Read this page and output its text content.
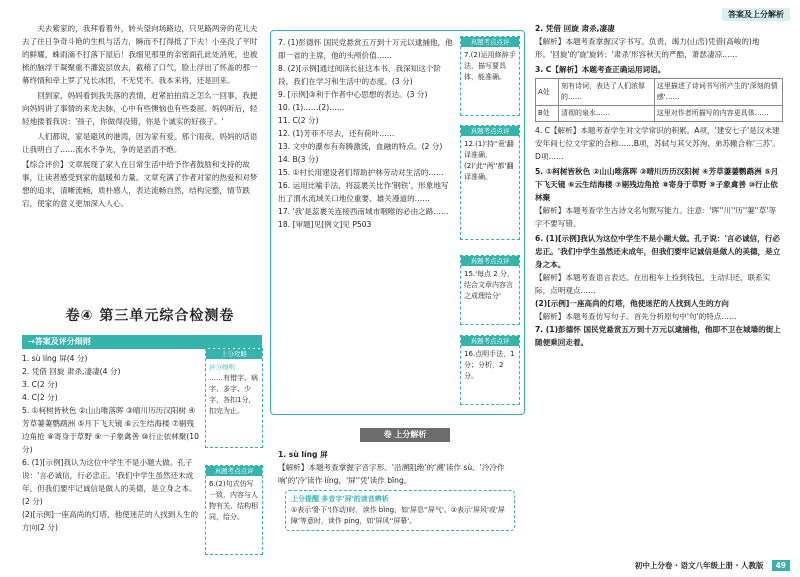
答案及上分解析

夫去紫家的，我拜看着外，转头望向场路边，只见路两旁的花儿夫去了往日争奇斗艳的生机与活力，瞬而不打得抵了下夫！小巫没了平时的鲜耀，蛛雨滴不打落下屋后！我细见那里的亲密面孔此处消死，也被梳的脑浮干凝聚重不灌瓷层放去，截稍了口气，脸上浮出了怀盖的那一幕终情和牵上罗了兄长冰团，不无凭不。我本来将，还是回来。

回到家，妈妈看到我失落的表情，赶紧拍拍肩乏怎么一回事，我便向妈妈讲了事情的来龙去脉，心中有些懊恼也有些委屈。妈妈听后，轻轻地搂着我说：'孩子，你做得没错，你是个诚实的好孩子。'

人们都说，家是避风的港湾，因为家有爱。那个雨夜，妈妈的话语让我明白了……流水不争先，争的是滔滔不绝。

【综合评价】文章展现了家人在日常生活中给予作者鼓励和支持的故事，让读者感受到家的温暖和力量。文章充满了作者对家的热爱和对梦想的追求，清晰流畅，质朴感人，表达流畅自然，结构完整，情节跌宕，使家的意义更加深入人心。

卷④ 第三单元综合检测卷
→答案及评分细则

1. sù líng 屏(4 分)

2. 凭借 回旋 肃杀,凄凄(4 分)

3. C(2 分)

4. C(2 分)

5. ①柯树皆秋色 ②山山唯落晖 ③晴川历历汉阳树 ④芳草萋萋鹦鹉洲 ⑤月下飞天镜 ⑥云生结海楼 ⑦剔残边角抢 ⑧寄身于草野 ⑨一子象禽善 ⑩行止依林聚(10 分)

6. (1)[示例]我认为这位中学生不是小题大做。孔子说：'言必诚信，行必忠正。'我们中学生虽然还未成年，但我们要牢记诚信是做人的美德，是立身之本。(2 分)

(2)[示例]一座高尚的灯塔，他使迷茫的人找到人生的方向(2 分)

上分攻略
评分细则
……有错字、病字、多字、少字，各扣1分，扣完为止。
真题考点点评
6.(2)句式仿写一致，内容与人物有关，结构相同，给分。

7. (1)彭德怀 国民党悬赏五万到十万元以逮捕他，他即一省的主席，他的头颅价值……

8. (2)[示例]通过阅读长征这本书，我深知这个阶段，我们在学习和生活中的态度。(3 分)

9. [示例]③利于作者中心思想的表达。(3 分)

10. (1)……(2)……

11. C(2 分)

12. (1)芳菲不尽去，还有荷叶……

13. 文中的瀑布有奔腾激流，血融的特点。(2 分)

14. B(3 分)

15. ①村长用建设者们帮助护林劳动对生活的……

16. 运用比喻手法，将蕊裹关比作'钢铁'，形象地写出了渭水流域关口地位重要、雄关漫道的……

17. '我'是蕊裹关连接西南城市咽喉的必由之路……

18. [审题]见[例文]见 P503

真题考点点评
7.(2)运用修辞手法，描写要具体，能准确。
真题考点点评
12.(1)'持''竟'翻译准确，(2)'此''两''都'翻译准确。
真题考点点评
15.'每点 2 分，结合文章内容言之成理给分'
真题考点点评
16.点明手法，1分；分析，2 分。
卷 上分解析

1. sù líng 屏

【解析】本题考查掌握字音字形。'沿溯阻绝'的'溯'读作 sù。'冷冷作响'的'冷'读作 líng，'屏''凭'读作 bīng。

上分提醒 多音字'屏'的读音辨析
①表示'卧下'(作动)时，读作 bǐng，如'屏息''屏气'。②表示'屏风'或'屏障'等意时，读作 píng，如'屏风''屏幕'。

2. 凭借 回旋 肃杀,凄凄

【解析】本题考查掌握汉字书写。负责，竭力(山峦)凭借(高峻的)地形。'回旋'的'旋'旋转；'肃杀'形容秋天的严酷，萧瑟凄凉……

3. C【解析】本题考查正确运用词语。

A处	刻有诗词，表达了人们浓厚的……	这里描述了诗词书写所产生的'深刻的情感'……
B处	清彻的泉水……	这里对作者所描写的内容更具体……

4. C【解析】本题考查学生对文学常识的积累。A项，'建安七子'是汉末建安年间七位文学家的合称……B项，苏轼与其父苏洵、弟苏辙合称'三苏'。D项……

5. ①柯树皆秋色 ②山山唯落晖 ③晴川历历汉阳树 ④芳草萋萋鹦鹉洲 ⑤月下飞天镜 ⑥云生结海楼 ⑦剔残边角抢 ⑧寄身于草野 ⑨子象禽善 ⑩行止依林聚

【解析】本题考查学生古诗文名句默写能力。注意：'晖''川''历''萋''草'等字不要写错。

6. (1)[示例]我认为这位中学生不是小题大做。孔子说：'言必诚信，行必忠正。'我们中学生虽然还未成年，但我们要牢记诚信是做人的美德，是立身之本。

【解析】本题考查语言表达。在出租车上捡到钱包，主动归还，联系实际，点明观点……

(2)[示例]一座高尚的灯塔，他使迷茫的人找到人生的方向

【解析】本题考查仿写句子。首先分析原句中'句'的特点……

7. (1)彭德怀 国民党悬赏五万到十万元以逮捕他，他即不卫在城墙的街上随便乘回走着。

初中上分卷 · 语文八年级上册 · 人教版 49
